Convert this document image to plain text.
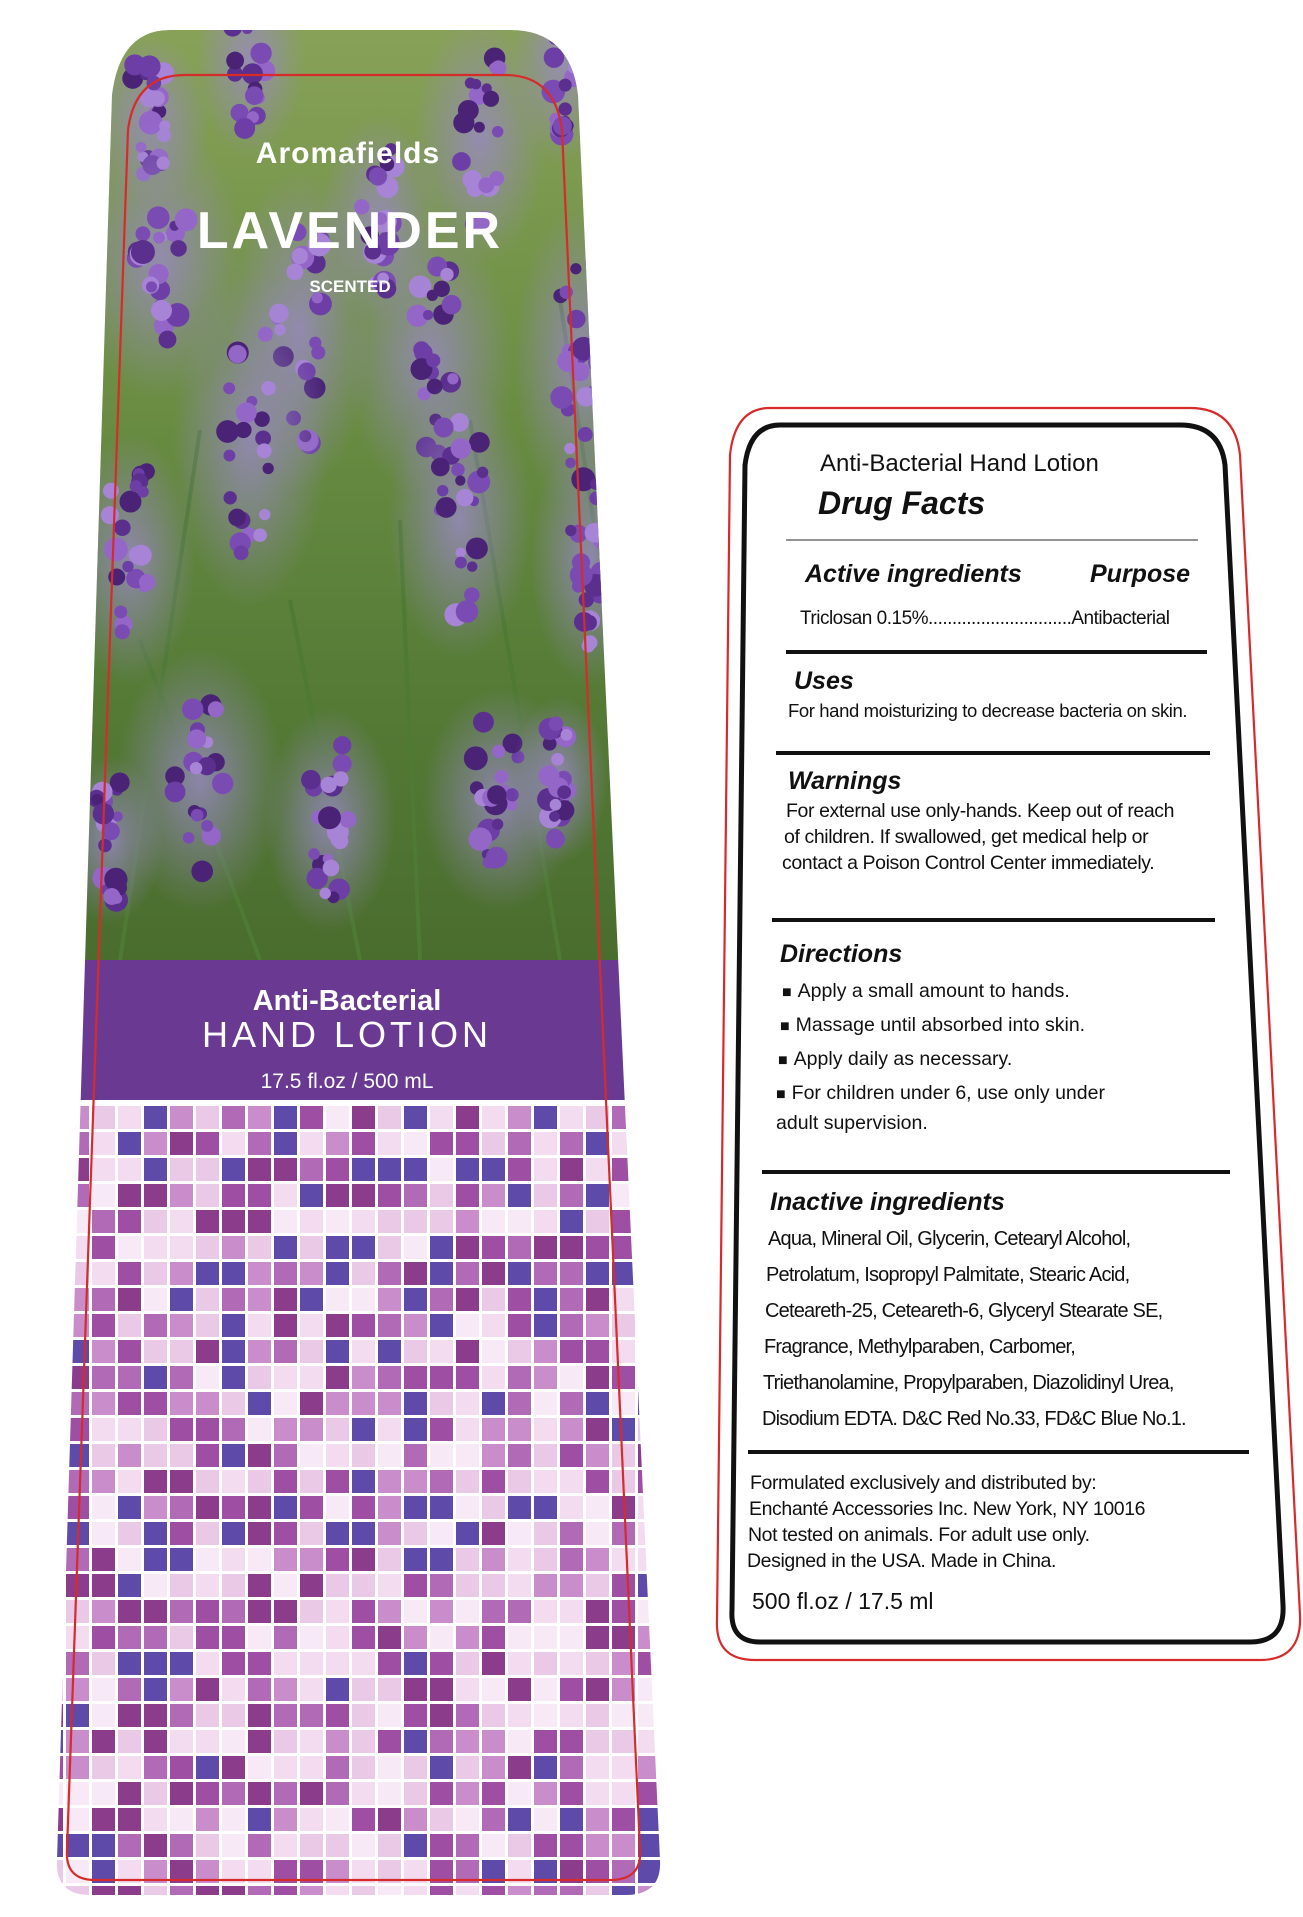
Aromafields
LAVENDER
SCENTED
Anti-Bacterial
HAND LOTION
17.5 fl.oz / 500 mL
Anti-Bacterial Hand Lotion
Drug Facts
Active ingredients	Purpose
Triclosan 0.15%..............................Antibacterial
Uses
For hand moisturizing to decrease bacteria on skin.
Warnings
For external use only-hands. Keep out of reach
of children. If swallowed, get medical help or
contact a Poison Control Center immediately.
Directions
■ Apply a small amount to hands.
■ Massage until absorbed into skin.
■ Apply daily as necessary.
■ For children under 6, use only under
adult supervision.
Inactive ingredients
Aqua, Mineral Oil, Glycerin, Cetearyl Alcohol,
Petrolatum, Isopropyl Palmitate, Stearic Acid,
Ceteareth-25, Ceteareth-6, Glyceryl Stearate SE,
Fragrance, Methylparaben, Carbomer,
Triethanolamine, Propylparaben, Diazolidinyl Urea,
Disodium EDTA. D&C Red No.33, FD&C Blue No.1.
Formulated exclusively and distributed by:
Enchanté Accessories Inc. New York, NY 10016
Not tested on animals. For adult use only.
Designed in the USA. Made in China.
500 fl.oz / 17.5 ml
